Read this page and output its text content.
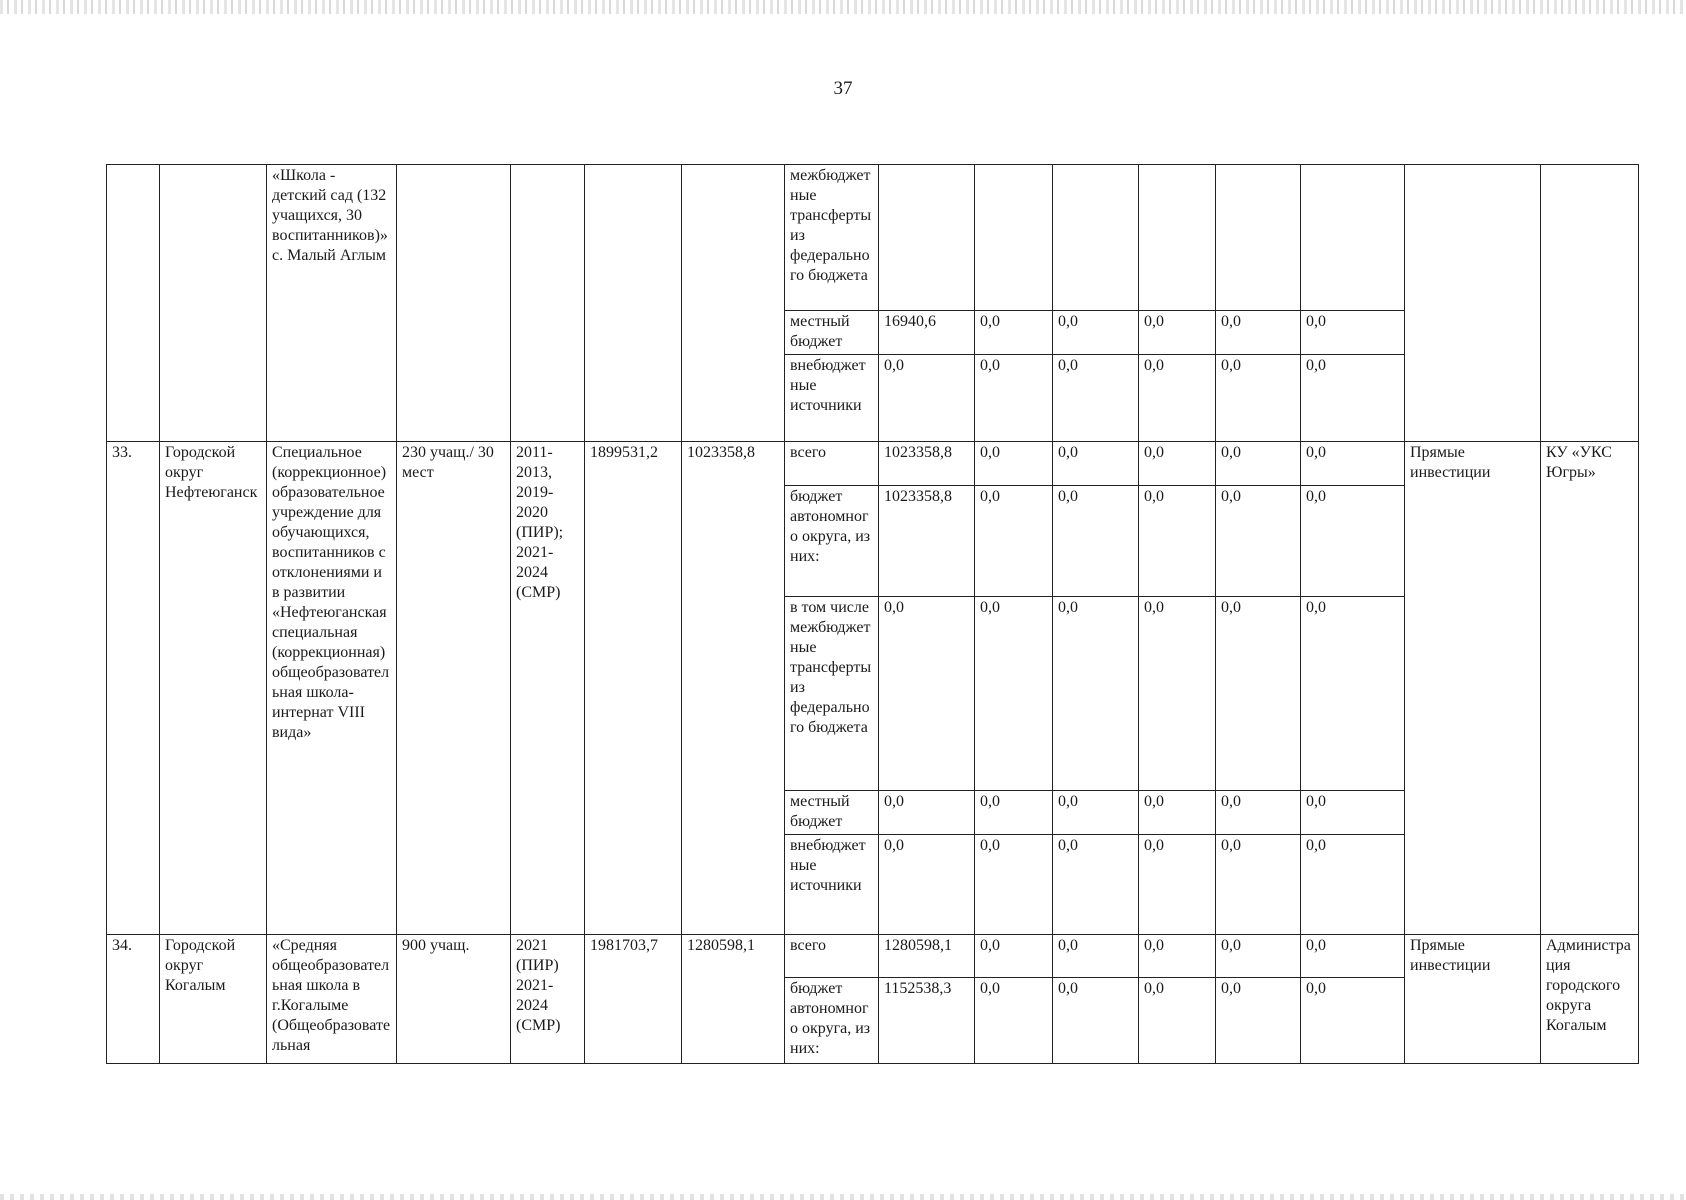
37
		«Школа - детский сад (132 учащихся, 30 воспитанников)» с. Малый Аглым					межбюджетные трансферты из федерального бюджета								
							местный бюджет	16940,6	0,0	0,0	0,0	0,0	0,0		
							внебюджетные источники	0,0	0,0	0,0	0,0	0,0	0,0		
33.	Городской округ Нефтеюганск	Специальное (коррекционное) образовательное учреждение для обучающихся, воспитанников с отклонениями и в развитии «Нефтеюганская специальная (коррекционная) общеобразовательная школа-интернат VIII вида»	230 учащ./ 30 мест	2011-2013, 2019-2020 (ПИР); 2021-2024 (СМР)	1899531,2	1023358,8	всего	1023358,8	0,0	0,0	0,0	0,0	0,0	Прямые инвестиции	КУ «УКС Югры»
							бюджет автономного округа, из них:	1023358,8	0,0	0,0	0,0	0,0	0,0		
							в том числе межбюджетные трансферты из федерального бюджета	0,0	0,0	0,0	0,0	0,0	0,0		
							местный бюджет	0,0	0,0	0,0	0,0	0,0	0,0		
							внебюджетные источники	0,0	0,0	0,0	0,0	0,0	0,0		
34.	Городской округ Когалым	«Средняя общеобразовательная школа в г.Когалыме (Общеобразовательная	900 учащ.	2021 (ПИР) 2021-2024 (СМР)	1981703,7	1280598,1	всего	1280598,1	0,0	0,0	0,0	0,0	0,0	Прямые инвестиции	Администрация городского округа Когалым
							бюджет автономного округа, из них:	1152538,3	0,0	0,0	0,0	0,0	0,0		
